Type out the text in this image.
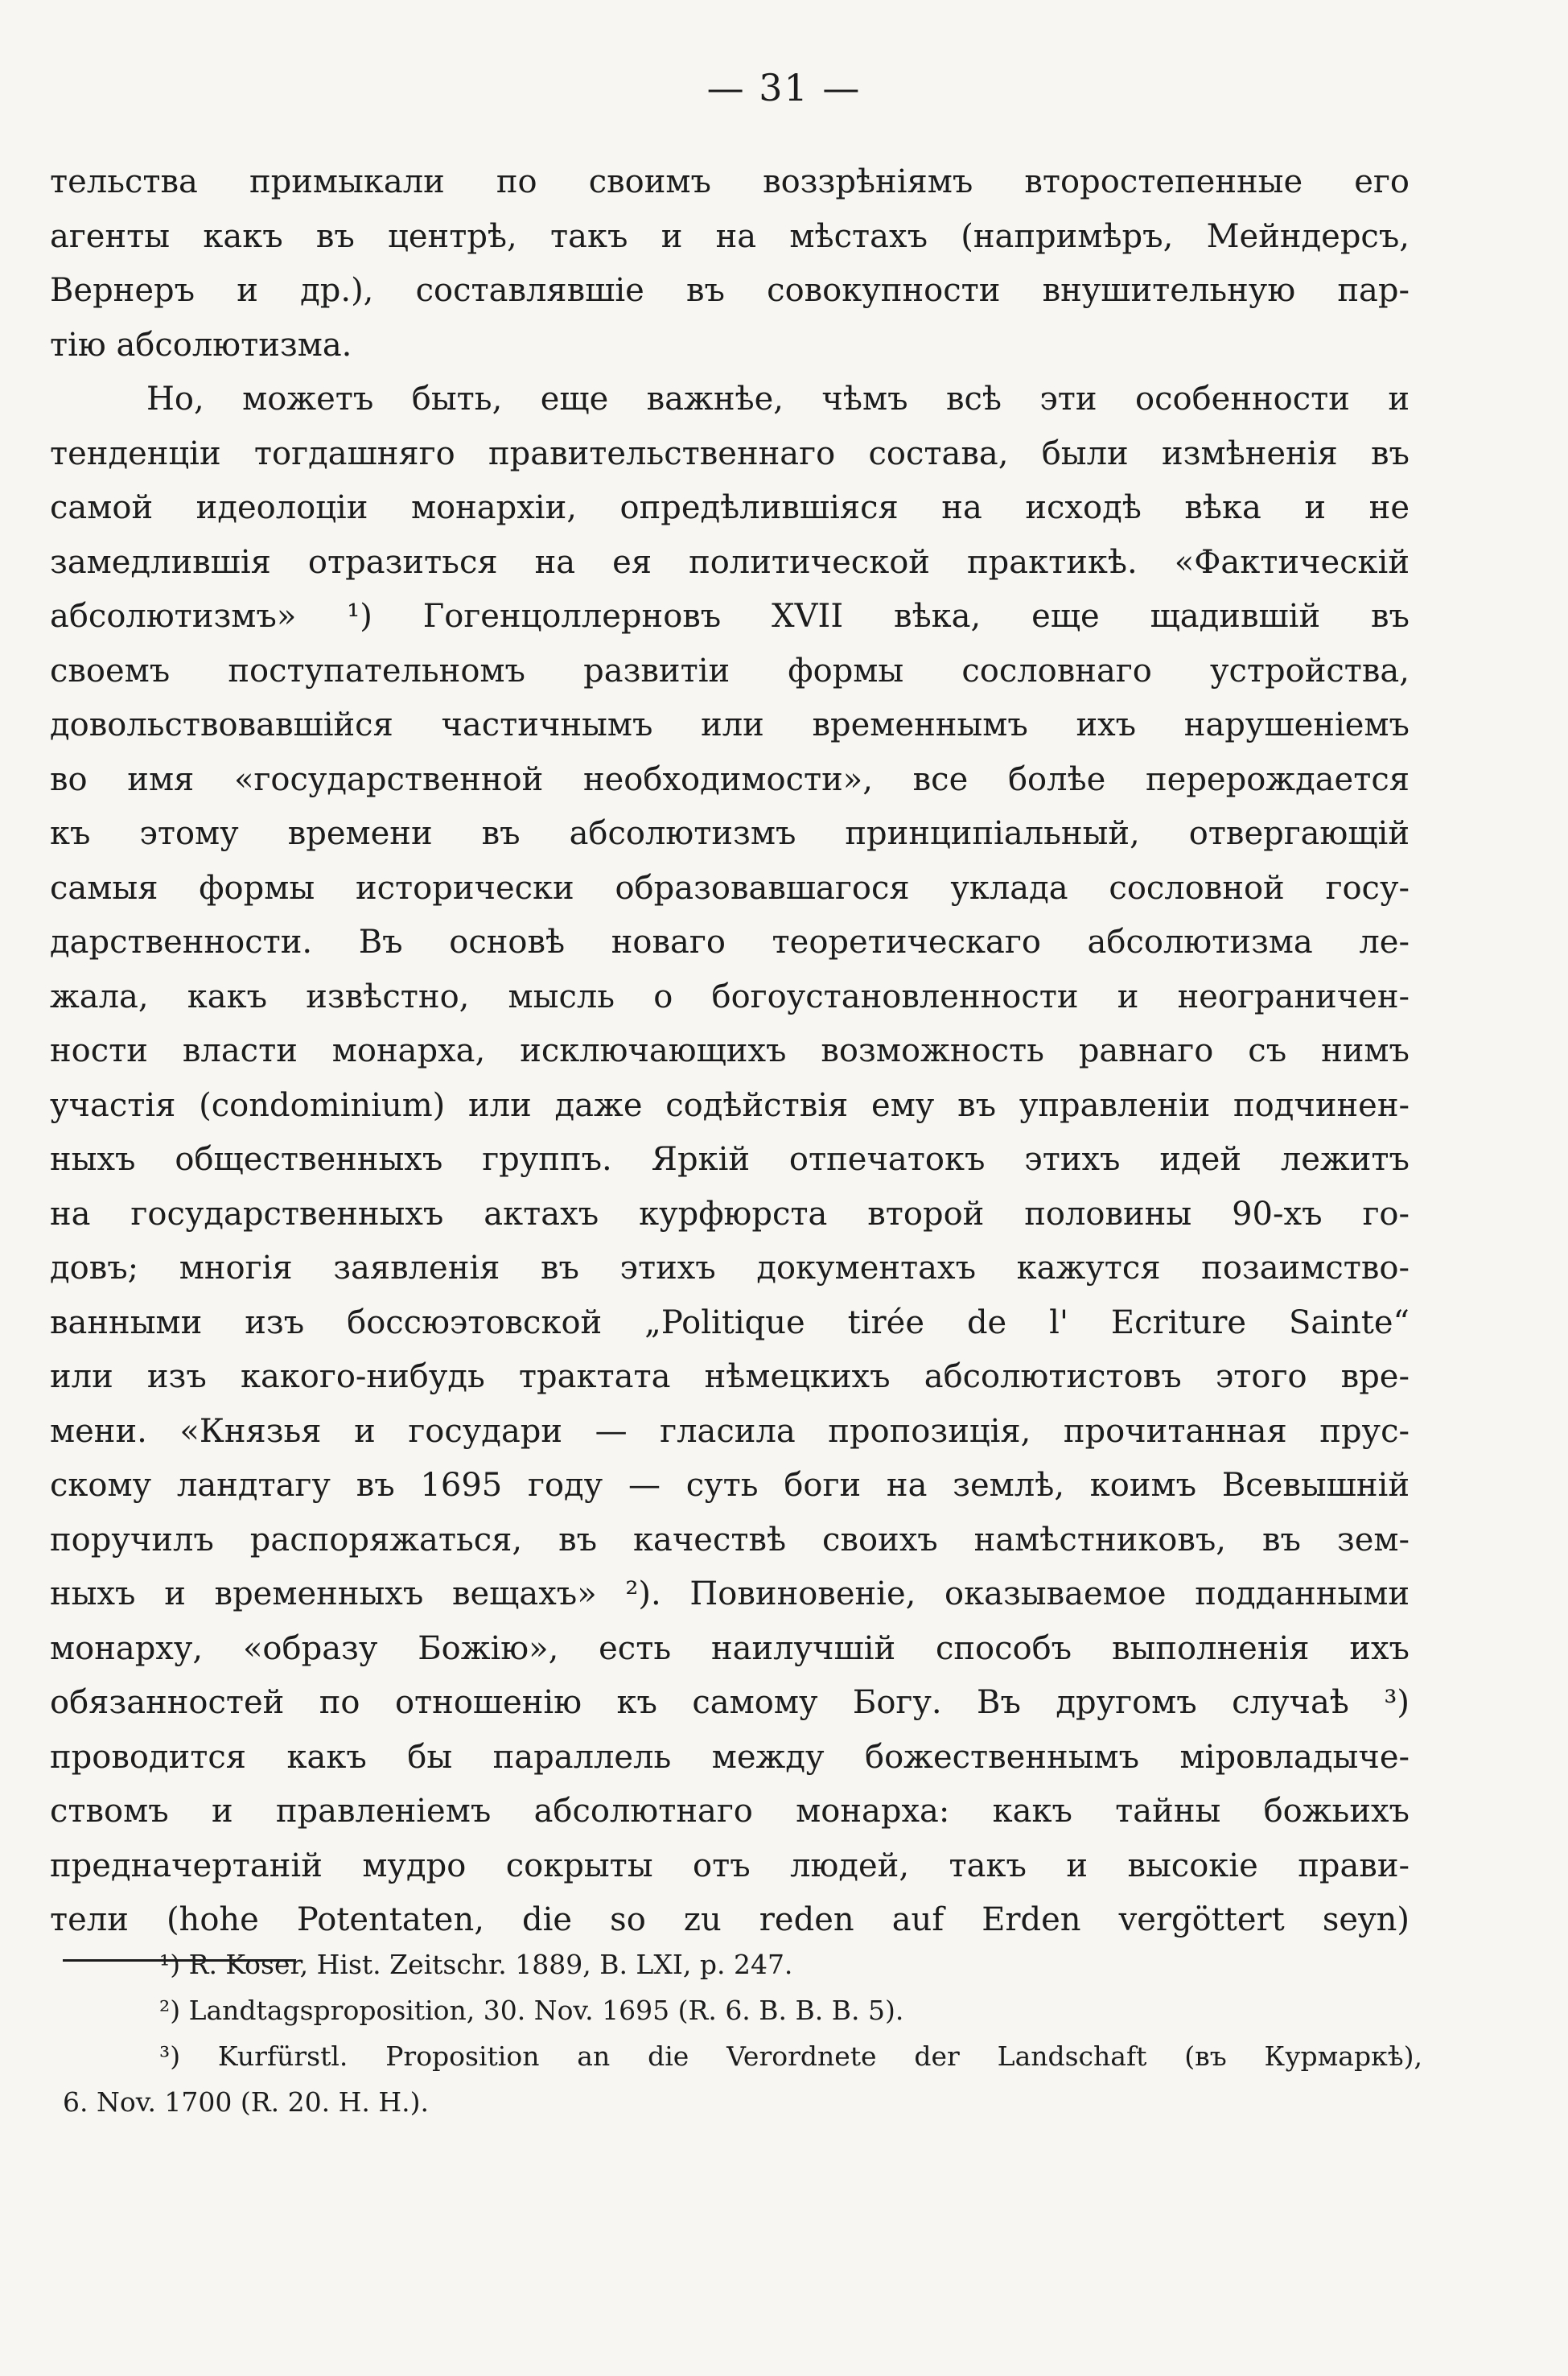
— 31 —
тельства примыкали по своимъ воззрѣніямъ второстепенные его
агенты какъ въ центрѣ, такъ и на мѣстахъ (напримѣръ, Мейндерсъ,
Вернеръ и др.), составлявшіе въ совокупности внушительную пар-
тію абсолютизма.
Но, можетъ быть, еще важнѣе, чѣмъ всѣ эти особенности и
тенденціи тогдашняго правительственнаго состава, были измѣненія въ
самой идеолоціи монархіи, опредѣлившіяся на исходѣ вѣка и не
замедлившія отразиться на ея политической практикѣ. «Фактическій
абсолютизмъ» ¹) Гогенцоллерновъ XVII вѣка, еще щадившій въ
своемъ поступательномъ развитіи формы сословнаго устройства,
довольствовавшійся частичнымъ или временнымъ ихъ нарушеніемъ
во имя «государственной необходимости», все болѣе перерождается
къ этому времени въ абсолютизмъ принципіальный, отвергающій
самыя формы исторически образовавшагося уклада сословной госу-
дарственности. Въ основѣ новаго теоретическаго абсолютизма ле-
жала, какъ извѣстно, мысль о богоустановленности и неограничен-
ности власти монарха, исключающихъ возможность равнаго съ нимъ
участія (condominium) или даже содѣйствія ему въ управленіи подчинен-
ныхъ общественныхъ группъ. Яркій отпечатокъ этихъ идей лежитъ
на государственныхъ актахъ курфюрста второй половины 90-хъ го-
довъ; многія заявленія въ этихъ документахъ кажутся позаимство-
ванными изъ боссюэтовской „Politique tirée de l' Ecriture Sainte“
или изъ какого-нибудь трактата нѣмецкихъ абсолютистовъ этого вре-
мени. «Князья и государи — гласила пропозиція, прочитанная прус-
скому ландтагу въ 1695 году — суть боги на землѣ, коимъ Всевышній
поручилъ распоряжаться, въ качествѣ своихъ намѣстниковъ, въ зем-
ныхъ и временныхъ вещахъ» ²). Повиновеніе, оказываемое подданными
монарху, «образу Божію», есть наилучшій способъ выполненія ихъ
обязанностей по отношенію къ самому Богу. Въ другомъ случаѣ ³)
проводится какъ бы параллель между божественнымъ міровладыче-
ствомъ и правленіемъ абсолютнаго монарха: какъ тайны божьихъ
предначертаній мудро сокрыты отъ людей, такъ и высокіе прави-
тели (hohe Potentaten, die so zu reden auf Erden vergöttert seyn)
¹) R. Koser, Hist. Zeitschr. 1889, B. LXI, p. 247.
²) Landtagsproposition, 30. Nov. 1695 (R. 6. B. B. B. 5).
³) Kurfürstl. Proposition an die Verordnete der Landschaft (въ Курмаркѣ),
6. Nov. 1700 (R. 20. H. H.).
